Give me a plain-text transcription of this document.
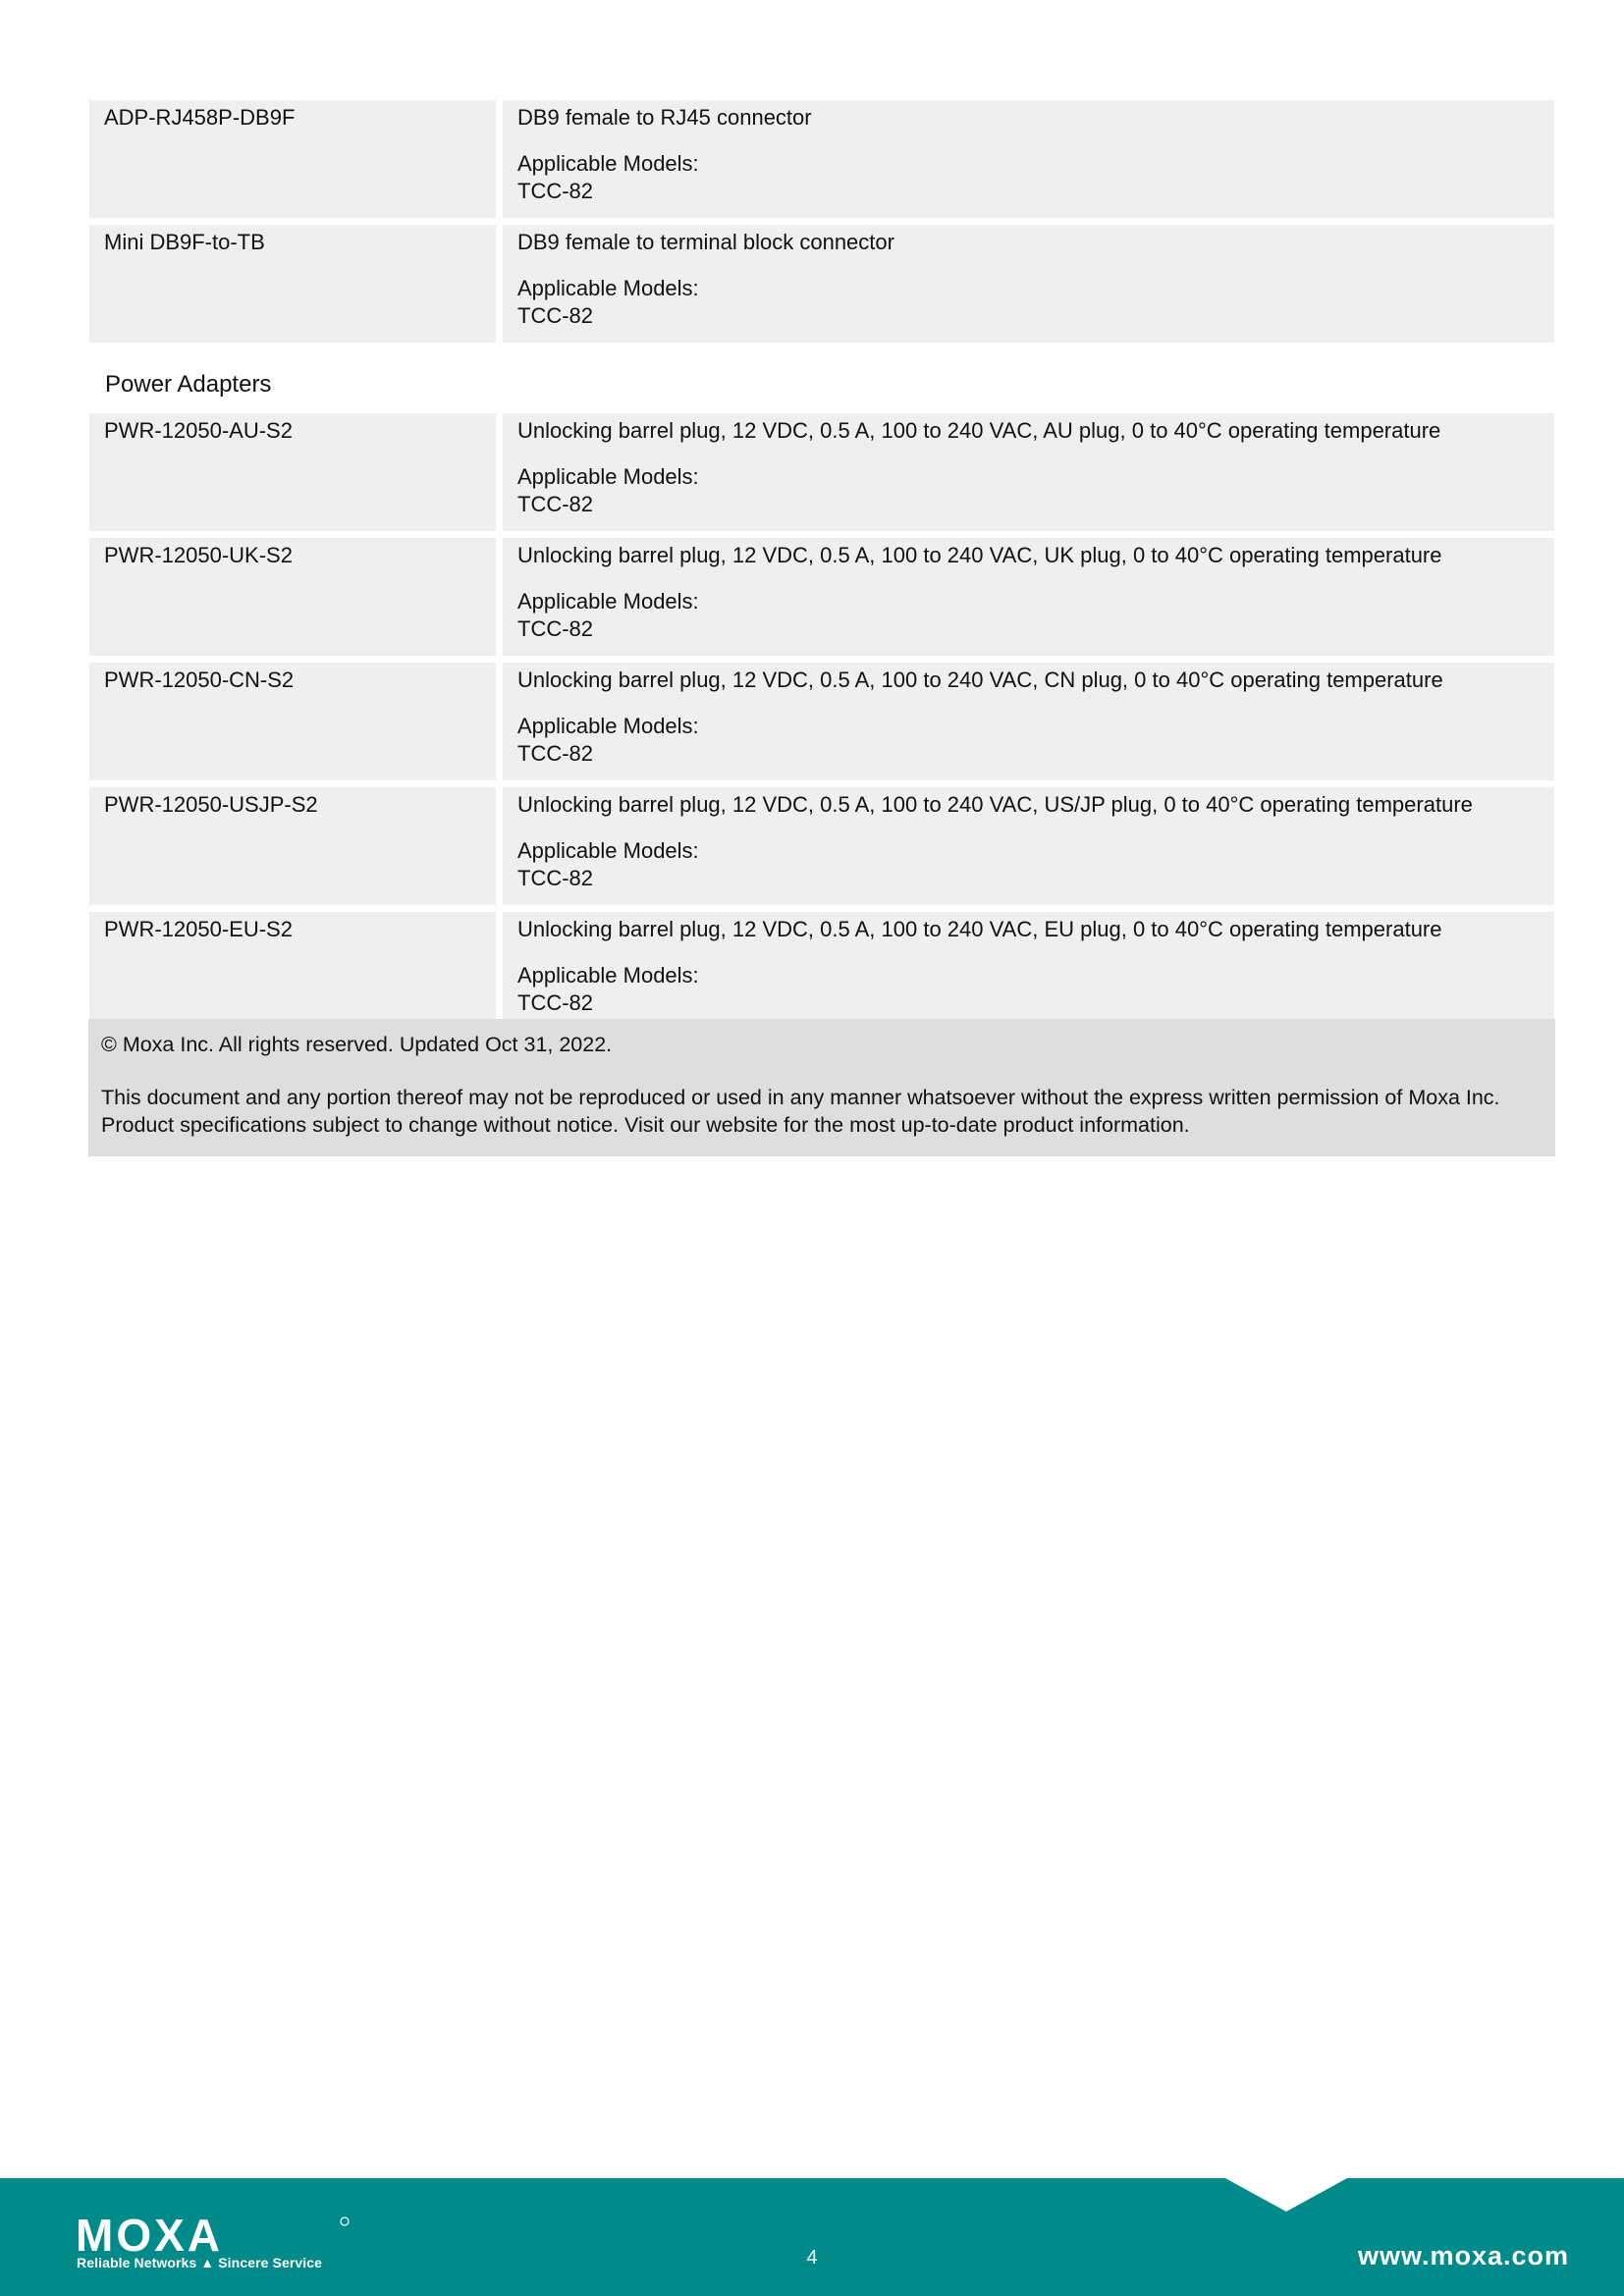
ADP-RJ458P-DB9F	DB9 female to RJ45 connector
Applicable Models:
TCC-82

Mini DB9F-to-TB	DB9 female to terminal block connector
Applicable Models:
TCC-82
Power Adapters
PWR-12050-AU-S2	Unlocking barrel plug, 12 VDC, 0.5 A, 100 to 240 VAC, AU plug, 0 to 40°C operating temperature
Applicable Models:
TCC-82

PWR-12050-UK-S2	Unlocking barrel plug, 12 VDC, 0.5 A, 100 to 240 VAC, UK plug, 0 to 40°C operating temperature
Applicable Models:
TCC-82

PWR-12050-CN-S2	Unlocking barrel plug, 12 VDC, 0.5 A, 100 to 240 VAC, CN plug, 0 to 40°C operating temperature
Applicable Models:
TCC-82

PWR-12050-USJP-S2	Unlocking barrel plug, 12 VDC, 0.5 A, 100 to 240 VAC, US/JP plug, 0 to 40°C operating temperature
Applicable Models:
TCC-82

PWR-12050-EU-S2	Unlocking barrel plug, 12 VDC, 0.5 A, 100 to 240 VAC, EU plug, 0 to 40°C operating temperature
Applicable Models:
TCC-82

© Moxa Inc. All rights reserved. Updated Oct 31, 2022.

This document and any portion thereof may not be reproduced or used in any manner whatsoever without the express written permission of Moxa Inc. Product specifications subject to change without notice. Visit our website for the most up-to-date product information.

MOXA
Reliable Networks ▲ Sincere Service	4	www.moxa.com
